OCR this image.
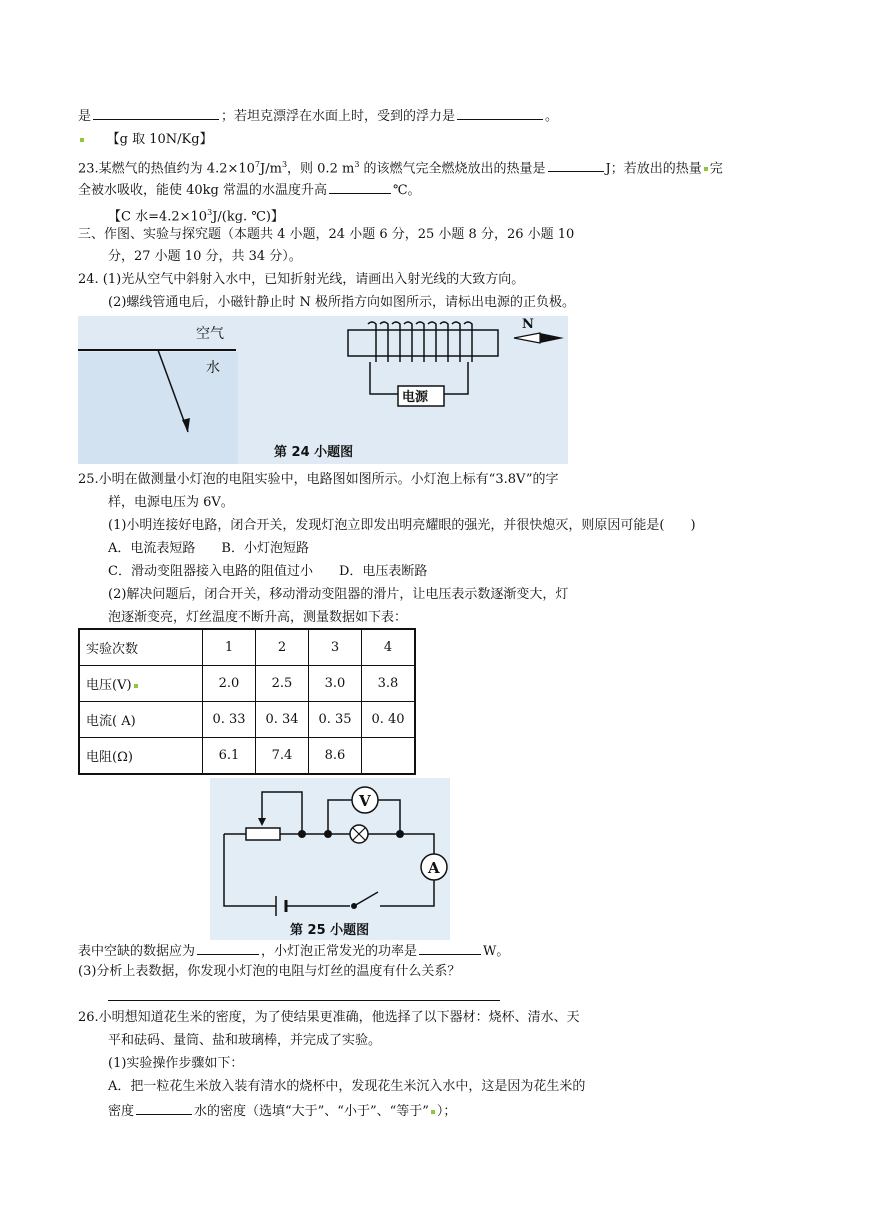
是	；若坦克漂浮在水面上时，受到的浮力是	。
【g 取 10N/Kg】
23.某燃气的热值约为 $4.2\times 10^7J/m^3$，则 0.2 $m^3$ 的该燃气完全燃烧放出的热量是	J；若放出的热量 完
全被水吸收，能使 40kg 常温的水温度升高	℃。
【C 水$=4.2\times 10^3J/(kg$. ℃)】
三、作图、实验与探究题（本题共 4 小题，24 小题 6 分，25 小题 8 分，26 小题 10
分，27 小题 10 分，共 34 分）。
24. (1)光从空气中斜射入水中，已知折射光线，请画出入射光线的大致方向。
(2)螺线管通电后，小磁针静止时 N 极所指方向如图所示，请标出电源的正负极。
空气
水
电源
N
第 24 小题图
25.小明在做测量小灯泡的电阻实验中，电路图如图所示。小灯泡上标有“3.8V”的字
样，电源电压为 6V。
(1)小明连接好电路，闭合开关，发现灯泡立即发出明亮耀眼的强光，并很快熄灭，则原因可能是(　　)
A．电流表短路　　B．小灯泡短路
C．滑动变阻器接入电路的阻值过小　　D．电压表断路
(2)解决问题后，闭合开关，移动滑动变阻器的滑片，让电压表示数逐渐变大，灯
泡逐渐变亮，灯丝温度不断升高，测量数据如下表：
实验次数	1	2	3	4
电压(V)	2.0	2.5	3.0	3.8
电流( A)	0. 33	0. 34	0. 35	0. 40
电阻(Ω)	6.1	7.4	8.6	
V
A
第 25 小题图
表中空缺的数据应为	，小灯泡正常发光的功率是	W。
(3)分析上表数据，你发现小灯泡的电阻与灯丝的温度有什么关系？
26.小明想知道花生米的密度，为了使结果更准确，他选择了以下器材：烧杯、清水、天
平和砝码、量筒、盐和玻璃棒，并完成了实验。
(1)实验操作步骤如下：
A．把一粒花生米放入装有清水的烧杯中，发现花生米沉入水中，这是因为花生米的
密度	水的密度（选填“大于”、“小于”、“等于” ）；
